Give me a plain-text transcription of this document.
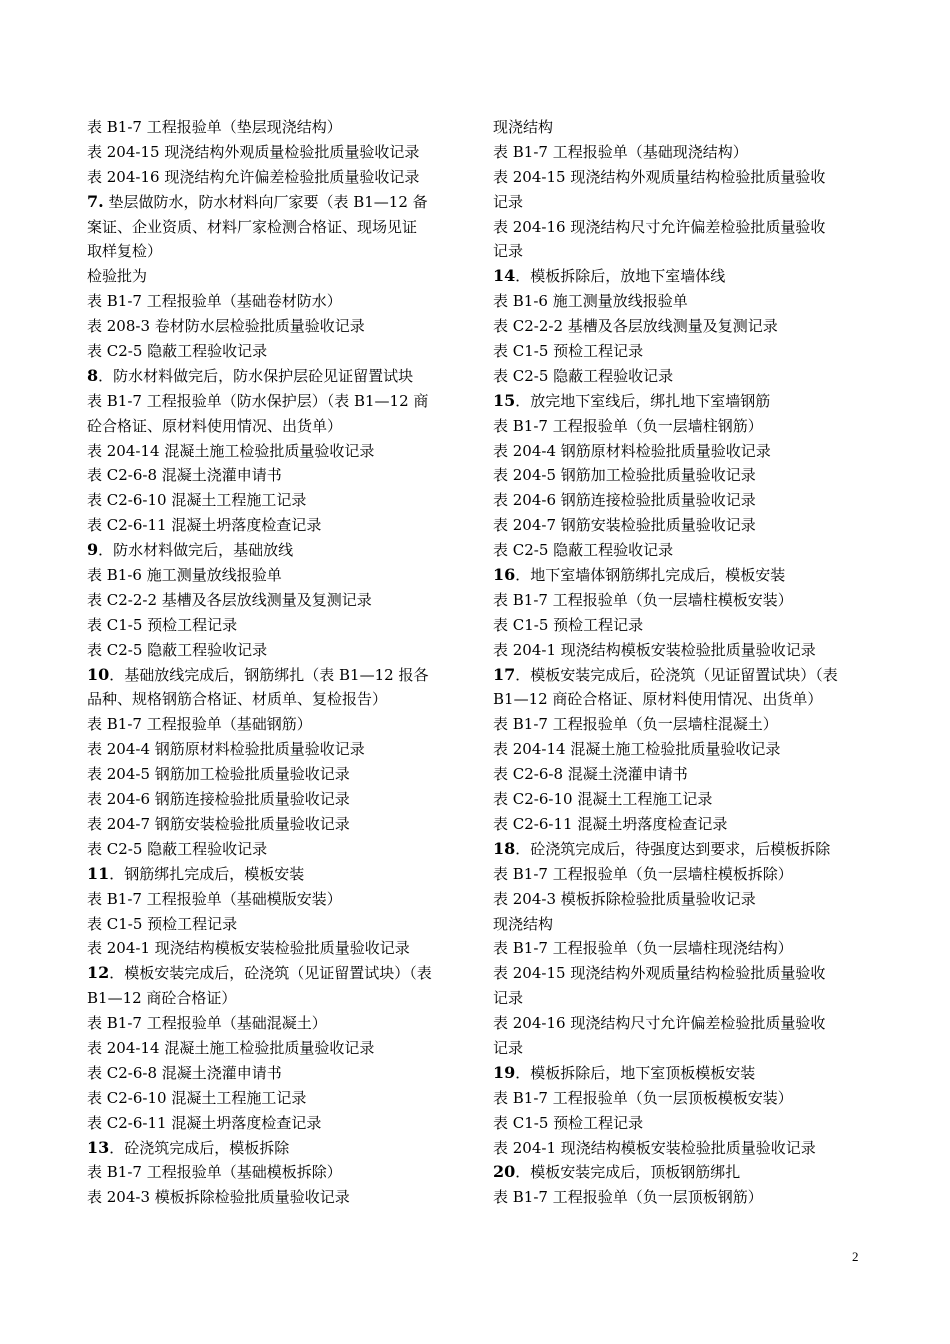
表 B1-7 工程报验单（垫层现浇结构）
表 204-15 现浇结构外观质量检验批质量验收记录
表 204-16 现浇结构允许偏差检验批质量验收记录
7. 垫层做防水，防水材料向厂家要（表 B1—12 备
案证、企业资质、材料厂家检测合格证、现场见证
取样复检）
检验批为
表 B1-7 工程报验单（基础卷材防水）
表 208-3 卷材防水层检验批质量验收记录
表 C2-5 隐蔽工程验收记录
8．防水材料做完后，防水保护层砼见证留置试块
表 B1-7 工程报验单（防水保护层）（表 B1—12 商
砼合格证、原材料使用情况、出货单）
表 204-14 混凝土施工检验批质量验收记录
表 C2-6-8 混凝土浇灌申请书
表 C2-6-10 混凝土工程施工记录
表 C2-6-11 混凝土坍落度检查记录
9．防水材料做完后，基础放线
表 B1-6 施工测量放线报验单
表 C2-2-2 基槽及各层放线测量及复测记录
表 C1-5 预检工程记录
表 C2-5 隐蔽工程验收记录
10．基础放线完成后，钢筋绑扎（表 B1—12 报各
品种、规格钢筋合格证、材质单、复检报告）
表 B1-7 工程报验单（基础钢筋）
表 204-4 钢筋原材料检验批质量验收记录
表 204-5 钢筋加工检验批质量验收记录
表 204-6 钢筋连接检验批质量验收记录
表 204-7 钢筋安装检验批质量验收记录
表 C2-5 隐蔽工程验收记录
11．钢筋绑扎完成后，模板安装
表 B1-7 工程报验单（基础模版安装）
表 C1-5 预检工程记录
表 204-1 现浇结构模板安装检验批质量验收记录
12．模板安装完成后，砼浇筑（见证留置试块）（表
B1—12 商砼合格证）
表 B1-7 工程报验单（基础混凝土）
表 204-14 混凝土施工检验批质量验收记录
表 C2-6-8 混凝土浇灌申请书
表 C2-6-10 混凝土工程施工记录
表 C2-6-11 混凝土坍落度检查记录
13．砼浇筑完成后，模板拆除
表 B1-7 工程报验单（基础模板拆除）
表 204-3 模板拆除检验批质量验收记录
现浇结构
表 B1-7 工程报验单（基础现浇结构）
表 204-15 现浇结构外观质量结构检验批质量验收
记录
表 204-16 现浇结构尺寸允许偏差检验批质量验收
记录
14．模板拆除后，放地下室墙体线
表 B1-6 施工测量放线报验单
表 C2-2-2 基槽及各层放线测量及复测记录
表 C1-5 预检工程记录
表 C2-5 隐蔽工程验收记录
15．放完地下室线后，绑扎地下室墙钢筋
表 B1-7 工程报验单（负一层墙柱钢筋）
表 204-4 钢筋原材料检验批质量验收记录
表 204-5 钢筋加工检验批质量验收记录
表 204-6 钢筋连接检验批质量验收记录
表 204-7 钢筋安装检验批质量验收记录
表 C2-5 隐蔽工程验收记录
16．地下室墙体钢筋绑扎完成后，模板安装
表 B1-7 工程报验单（负一层墙柱模板安装）
表 C1-5 预检工程记录
表 204-1 现浇结构模板安装检验批质量验收记录
17．模板安装完成后，砼浇筑（见证留置试块）（表
B1—12 商砼合格证、原材料使用情况、出货单）
表 B1-7 工程报验单（负一层墙柱混凝土）
表 204-14 混凝土施工检验批质量验收记录
表 C2-6-8 混凝土浇灌申请书
表 C2-6-10 混凝土工程施工记录
表 C2-6-11 混凝土坍落度检查记录
18．砼浇筑完成后，待强度达到要求，后模板拆除
表 B1-7 工程报验单（负一层墙柱模板拆除）
表 204-3 模板拆除检验批质量验收记录
现浇结构
表 B1-7 工程报验单（负一层墙柱现浇结构）
表 204-15 现浇结构外观质量结构检验批质量验收
记录
表 204-16 现浇结构尺寸允许偏差检验批质量验收
记录
19．模板拆除后，地下室顶板模板安装
表 B1-7 工程报验单（负一层顶板模板安装）
表 C1-5 预检工程记录
表 204-1 现浇结构模板安装检验批质量验收记录
20．模板安装完成后，顶板钢筋绑扎
表 B1-7 工程报验单（负一层顶板钢筋）
2
